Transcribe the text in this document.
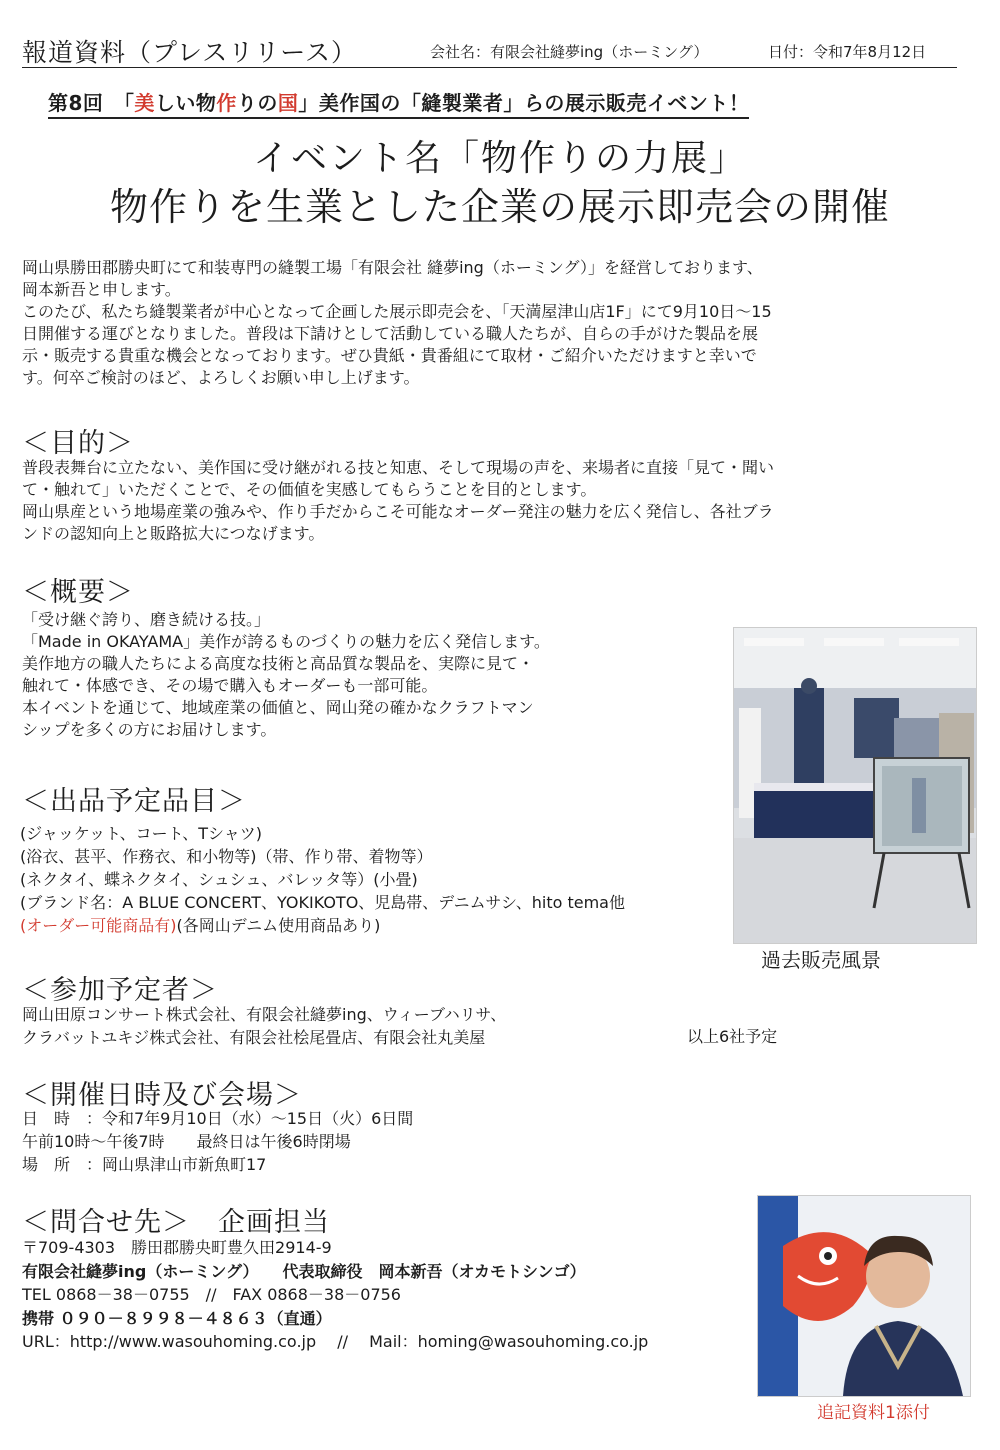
報道資料（プレスリリース）	会社名：有限会社縫夢ing（ホーミング）	日付：令和7年8月12日
第8回　「美しい物作りの国」美作国の「縫製業者」らの展示販売イベント！
イベント名「物作りの力展」
物作りを生業とした企業の展示即売会の開催
岡山県勝田郡勝央町にて和装専門の縫製工場「有限会社 縫夢ing（ホーミング）」を経営しております、
岡本新吾と申します。
このたび、私たち縫製業者が中心となって企画した展示即売会を、「天満屋津山店1F」にて9月10日～15
日開催する運びとなりました。普段は下請けとして活動している職人たちが、自らの手がけた製品を展
示・販売する貴重な機会となっております。ぜひ貴紙・貴番組にて取材・ご紹介いただけますと幸いで
す。何卒ご検討のほど、よろしくお願い申し上げます。
＜目的＞
普段表舞台に立たない、美作国に受け継がれる技と知恵、そして現場の声を、来場者に直接「見て・聞い
て・触れて」いただくことで、その価値を実感してもらうことを目的とします。
岡山県産という地場産業の強みや、作り手だからこそ可能なオーダー発注の魅力を広く発信し、各社ブラ
ンドの認知向上と販路拡大につなげます。
＜概要＞
「受け継ぐ誇り、磨き続ける技。」
「Made in OKAYAMA」美作が誇るものづくりの魅力を広く発信します。
美作地方の職人たちによる高度な技術と高品質な製品を、実際に見て・
触れて・体感でき、その場で購入もオーダーも一部可能。
本イベントを通じて、地域産業の価値と、岡山発の確かなクラフトマン
シップを多くの方にお届けします。
過去販売風景
＜出品予定品目＞
(ジャッケット、コート、Tシャツ)
(浴衣、甚平、作務衣、和小物等)（帯、作り帯、着物等）
(ネクタイ、蝶ネクタイ、シュシュ、バレッタ等）(小畳)
(ブランド名：A BLUE CONCERT、YOKIKOTO、児島帯、デニムサシ、hito tema他
(オーダー可能商品有)(各岡山デニム使用商品あり)
＜参加予定者＞
岡山田原コンサート株式会社、有限会社縫夢ing、ウィーブハリサ、
クラバットユキジ株式会社、有限会社桧尾畳店、有限会社丸美屋	以上6社予定
＜開催日時及び会場＞
日　時　：令和7年9月10日（水）～15日（火）6日間
午前10時～午後7時　　最終日は午後6時閉場
場　所　：岡山県津山市新魚町17
＜問合せ先＞　企画担当
〒709-4303　勝田郡勝央町豊久田2914-9
有限会社縫夢ing（ホーミング）　　代表取締役　岡本新吾（オカモトシンゴ）
TEL 0868－38－0755　//　FAX 0868－38－0756
携帯 ０９０－８９９８－４８６３（直通）
URL：http://www.wasouhoming.co.jp　 //　 Mail：homing@wasouhoming.co.jp
追記資料1添付
